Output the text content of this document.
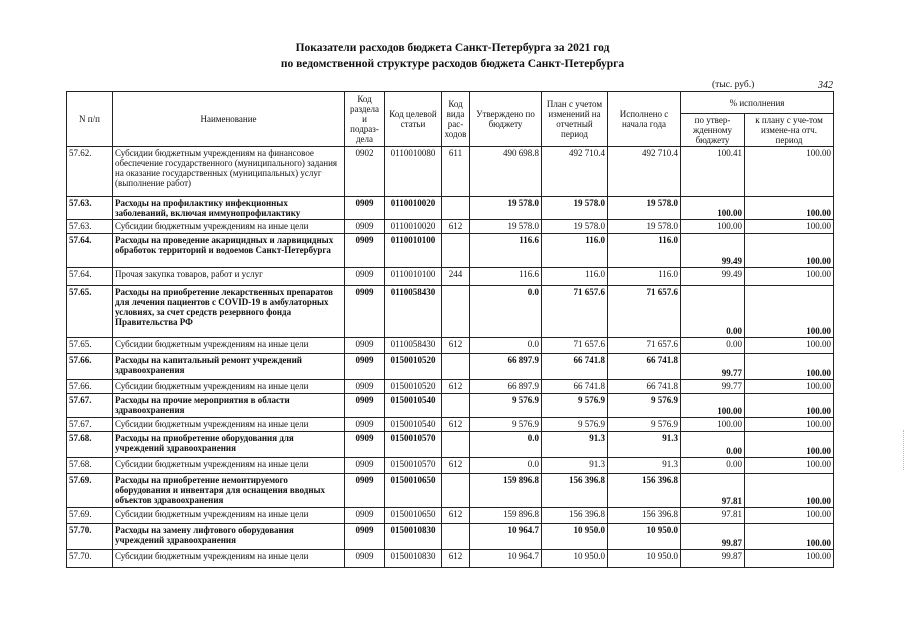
Показатели расходов бюджета Санкт-Петербурга за 2021 год
по ведомственной структуре расходов бюджета Санкт-Петербурга
(тыс. руб.)	342
N п/п	Наименование	Код раздела и подраз-дела	Код целевой статьи	Код вида рас-ходов	Утверждено по бюджету	План с учетом изменений на отчетный период	Исполнено с начала года	% исполнения	
								по утвер-жденному бюджету	к плану с уче-том измене-на отч. период
57.62.	Субсидии бюджетным учреждениям на финансовое обеспечение государственного (муниципального) задания на оказание государственных (муниципальных) услуг (выполнение работ)	0902	0110010080	611	490 698.8	492 710.4	492 710.4	100.41	100.00
57.63.	Расходы на профилактику инфекционных заболеваний, включая иммунопрофилактику	0909	0110010020		19 578.0	19 578.0	19 578.0	100.00	100.00
57.63.	Субсидии бюджетным учреждениям на иные цели	0909	0110010020	612	19 578.0	19 578.0	19 578.0	100.00	100.00
57.64.	Расходы на проведение акарицидных и ларвицидных обработок территорий и водоемов Санкт-Петербурга	0909	0110010100		116.6	116.0	116.0	99.49	100.00
57.64.	Прочая закупка товаров, работ и услуг	0909	0110010100	244	116.6	116.0	116.0	99.49	100.00
57.65.	Расходы на приобретение лекарственных препаратов для лечения пациентов с COVID-19 в амбулаторных условиях, за счет средств резервного фонда Правительства РФ	0909	0110058430		0.0	71 657.6	71 657.6	0.00	100.00
57.65.	Субсидии бюджетным учреждениям на иные цели	0909	0110058430	612	0.0	71 657.6	71 657.6	0.00	100.00
57.66.	Расходы на капитальный ремонт учреждений здравоохранения	0909	0150010520		66 897.9	66 741.8	66 741.8	99.77	100.00
57.66.	Субсидии бюджетным учреждениям на иные цели	0909	0150010520	612	66 897.9	66 741.8	66 741.8	99.77	100.00
57.67.	Расходы на прочие мероприятия в области здравоохранения	0909	0150010540		9 576.9	9 576.9	9 576.9	100.00	100.00
57.67.	Субсидии бюджетным учреждениям на иные цели	0909	0150010540	612	9 576.9	9 576.9	9 576.9	100.00	100.00
57.68.	Расходы на приобретение оборудования для учреждений здравоохранения	0909	0150010570		0.0	91.3	91.3	0.00	100.00
57.68.	Субсидии бюджетным учреждениям на иные цели	0909	0150010570	612	0.0	91.3	91.3	0.00	100.00
57.69.	Расходы на приобретение немонтируемого оборудования и инвентаря для оснащения вводных объектов здравоохранения	0909	0150010650		159 896.8	156 396.8	156 396.8	97.81	100.00
57.69.	Субсидии бюджетным учреждениям на иные цели	0909	0150010650	612	159 896.8	156 396.8	156 396.8	97.81	100.00
57.70.	Расходы на замену лифтового оборудования учреждений здравоохранения	0909	0150010830		10 964.7	10 950.0	10 950.0	99.87	100.00
57.70.	Субсидии бюджетным учреждениям на иные цели	0909	0150010830	612	10 964.7	10 950.0	10 950.0	99.87	100.00
